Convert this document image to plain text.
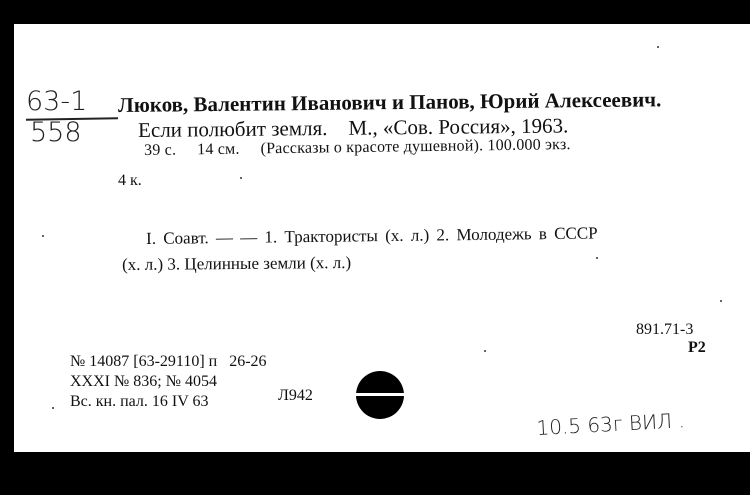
63-1
558
Люков, Валентин Иванович и Панов, Юрий Алексеевич.
Если полюбит земля.    М., «Сов. Россия», 1963.
39 с.     14 см.     (Рассказы о красоте душевной). 100.000 экз.
4 к.
I. Соавт. — — 1. Трактористы (х. л.) 2. Молодежь в СССР
(х. л.) 3. Целинные земли (х. л.)
891.71-3
Р2
№ 14087 [63-29110] п   26-26
XXXI № 836; № 4054
Вс. кн. пал. 16 IV 63	Л942
10.5 63г ВИЛ .
